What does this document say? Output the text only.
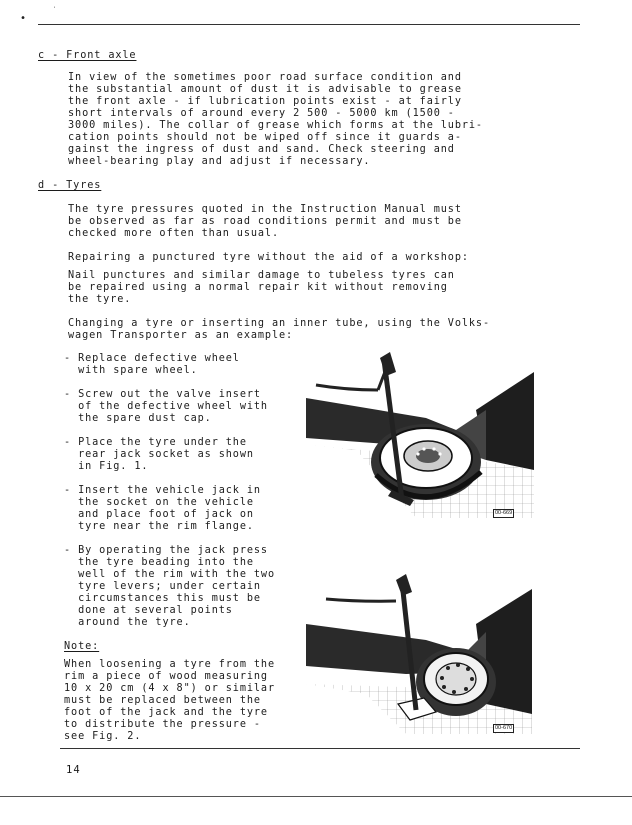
•
˙
c - Front axle
In view of the sometimes poor road surface condition and
the substantial amount of dust it is advisable to grease
the front axle - if lubrication points exist - at fairly
short intervals of around every 2 500 - 5000 km (1500 -
3000 miles). The collar of grease which forms at the lubri-
cation points should not be wiped off since it guards a-
gainst the ingress of dust and sand. Check steering and
wheel-bearing play and adjust if necessary.
d - Tyres
The tyre pressures quoted in the Instruction Manual must
be observed as far as road conditions permit and must be
checked more often than usual.
Repairing a punctured tyre without the aid of a workshop:
Nail punctures and similar damage to tubeless tyres can
be repaired using a normal repair kit without removing
the tyre.
Changing a tyre or inserting an inner tube, using the Volks-
wagen Transporter as an example:
- Replace defective wheel
with spare wheel.
- Screw out the valve insert
of the defective wheel with
the spare dust cap.
- Place the tyre under the
rear jack socket as shown
in Fig. 1.
- Insert the vehicle jack in
the socket on the vehicle
and place foot of jack on
tyre near the rim flange.
- By operating the jack press
the tyre beading into the
well of the rim with the two
tyre levers; under certain
circumstances this must be
done at several points
around the tyre.
Note:
When loosening a tyre from the
rim a piece of wood measuring
10 x 20 cm (4 x 8") or similar
must be replaced between the
foot of the jack and the tyre
to distribute the pressure -
see Fig. 2.
00-669
00-670
14
